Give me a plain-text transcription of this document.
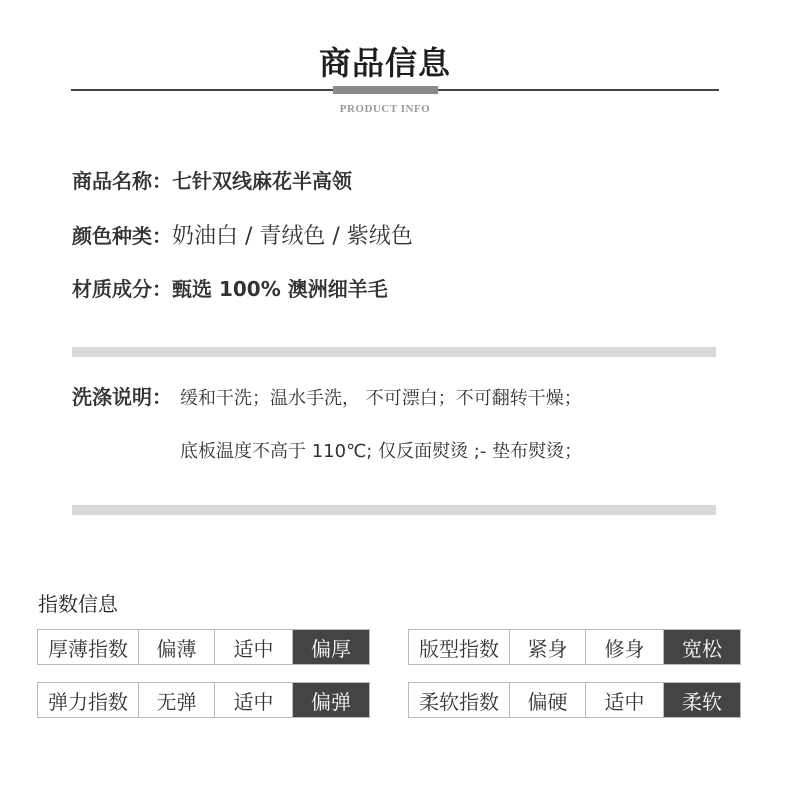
商品信息
PRODUCT INFO
商品名称：七针双线麻花半高领
颜色种类：奶油白 / 青绒色 / 紫绒色
材质成分：甄选 100% 澳洲细羊毛
洗涤说明： 缓和干洗；温水手洗， 不可漂白；不可翻转干燥；
底板温度不高于 110℃; 仅反面熨烫 ;- 垫布熨烫；
指数信息
厚薄指数	偏薄	适中	偏厚	版型指数	紧身	修身	宽松
弹力指数	无弹	适中	偏弹	柔软指数	偏硬	适中	柔软
